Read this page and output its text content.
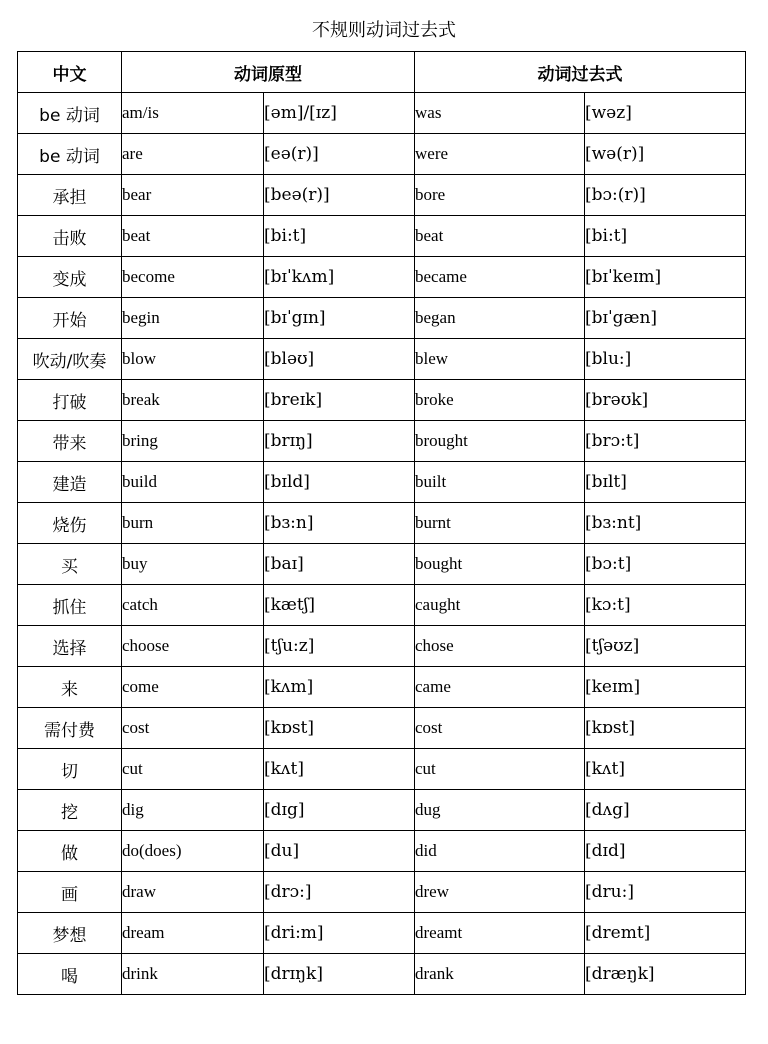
不规则动词过去式
中文	动词原型		动词过去式	
be 动词	am/is	[əm]/[ɪz]	was	[wəz]
be 动词	are	[eə(r)]	were	[wə(r)]
承担	bear	[beə(r)]	bore	[bɔ:(r)]
击败	beat	[bi:t]	beat	[bi:t]
变成	become	[bɪˈkʌm]	became	[bɪˈkeɪm]
开始	begin	[bɪˈgɪn]	began	[bɪˈgæn]
吹动/吹奏	blow	[bləʊ]	blew	[blu:]
打破	break	[breɪk]	broke	[brəʊk]
带来	bring	[brɪŋ]	brought	[brɔ:t]
建造	build	[bɪld]	built	[bɪlt]
烧伤	burn	[bɜ:n]	burnt	[bɜ:nt]
买	buy	[baɪ]	bought	[bɔ:t]
抓住	catch	[kætʃ]	caught	[kɔ:t]
选择	choose	[tʃu:z]	chose	[tʃəʊz]
来	come	[kʌm]	came	[keɪm]
需付费	cost	[kɒst]	cost	[kɒst]
切	cut	[kʌt]	cut	[kʌt]
挖	dig	[dɪg]	dug	[dʌg]
做	do(does)	[du]	did	[dɪd]
画	draw	[drɔ:]	drew	[dru:]
梦想	dream	[dri:m]	dreamt	[dremt]
喝	drink	[drɪŋk]	drank	[dræŋk]
